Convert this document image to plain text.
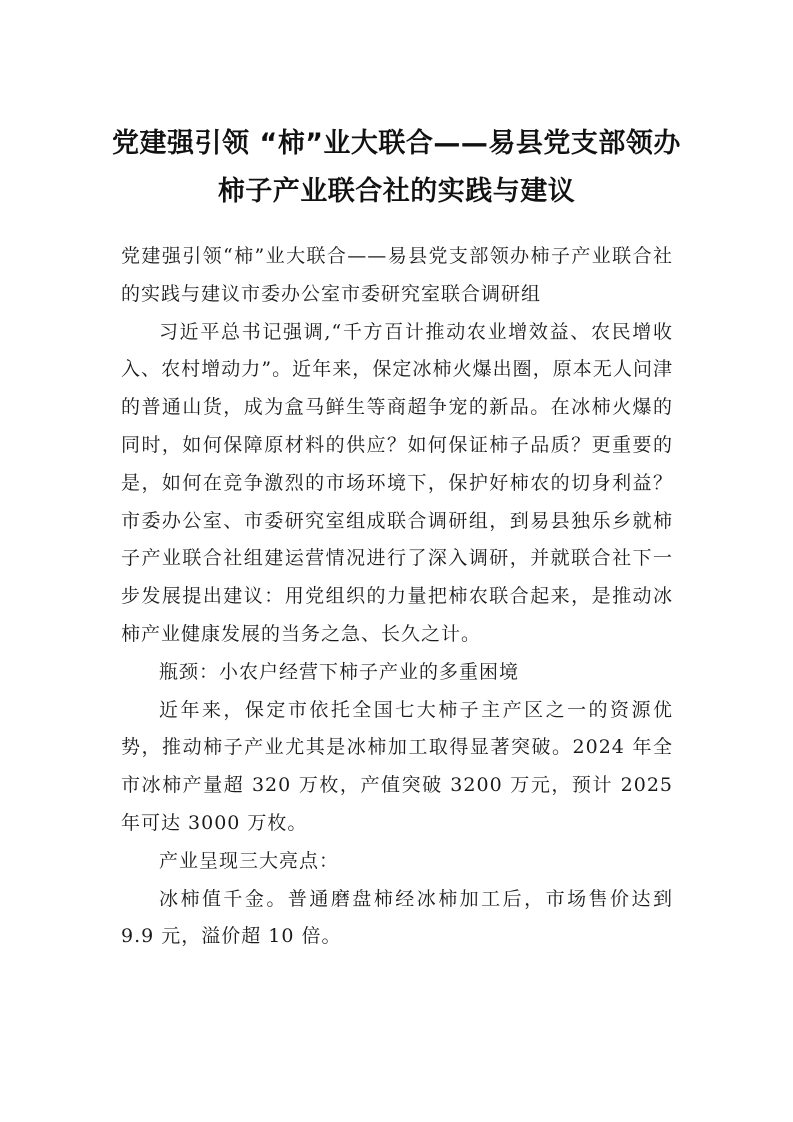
党建强引领 “柿”业大联合——易县党支部领办柿子产业联合社的实践与建议

党建强引领“柿”业大联合——易县党支部领办柿子产业联合社的实践与建议市委办公室市委研究室联合调研组

习近平总书记强调,“千方百计推动农业增效益、农民增收入、农村增动力”。近年来，保定冰柿火爆出圈，原本无人问津的普通山货，成为盒马鲜生等商超争宠的新品。在冰柿火爆的同时，如何保障原材料的供应？如何保证柿子品质？更重要的是，如何在竞争激烈的市场环境下，保护好柿农的切身利益？市委办公室、市委研究室组成联合调研组，到易县独乐乡就柿子产业联合社组建运营情况进行了深入调研，并就联合社下一步发展提出建议：用党组织的力量把柿农联合起来，是推动冰柿产业健康发展的当务之急、长久之计。

瓶颈：小农户经营下柿子产业的多重困境

近年来，保定市依托全国七大柿子主产区之一的资源优势，推动柿子产业尤其是冰柿加工取得显著突破。2024 年全市冰柿产量超 320 万枚，产值突破 3200 万元，预计 2025 年可达 3000 万枚。

产业呈现三大亮点：

冰柿值千金。普通磨盘柿经冰柿加工后，市场售价达到 9.9 元，溢价超 10 倍。
